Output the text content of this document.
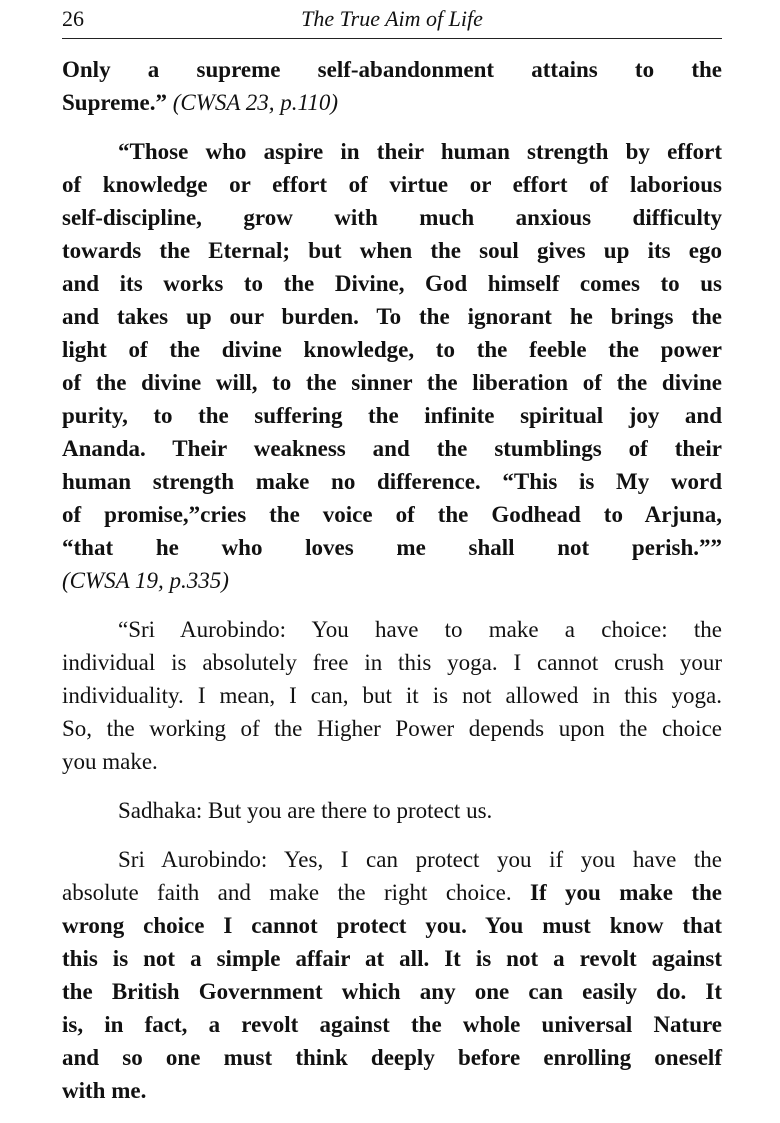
26	The True Aim of Life
Only a supreme self-abandonment attains to the
Supreme.” (CWSA 23, p.110)
“Those who aspire in their human strength by effort
of knowledge or effort of virtue or effort of laborious
self-discipline, grow with much anxious difficulty
towards the Eternal; but when the soul gives up its ego
and its works to the Divine, God himself comes to us
and takes up our burden. To the ignorant he brings the
light of the divine knowledge, to the feeble the power
of the divine will, to the sinner the liberation of the divine
purity, to the suffering the infinite spiritual joy and
Ananda. Their weakness and the stumblings of their
human strength make no difference. “This is My word
of promise,”cries the voice of the Godhead to Arjuna,
“that he who loves me shall not perish.””
(CWSA 19, p.335)
“Sri Aurobindo: You have to make a choice: the
individual is absolutely free in this yoga. I cannot crush your
individuality. I mean, I can, but it is not allowed in this yoga.
So, the working of the Higher Power depends upon the choice
you make.
Sadhaka: But you are there to protect us.
Sri Aurobindo: Yes, I can protect you if you have the
absolute faith and make the right choice. If you make the
wrong choice I cannot protect you. You must know that
this is not a simple affair at all. It is not a revolt against
the British Government which any one can easily do. It
is, in fact, a revolt against the whole universal Nature
and so one must think deeply before enrolling oneself
with me.
